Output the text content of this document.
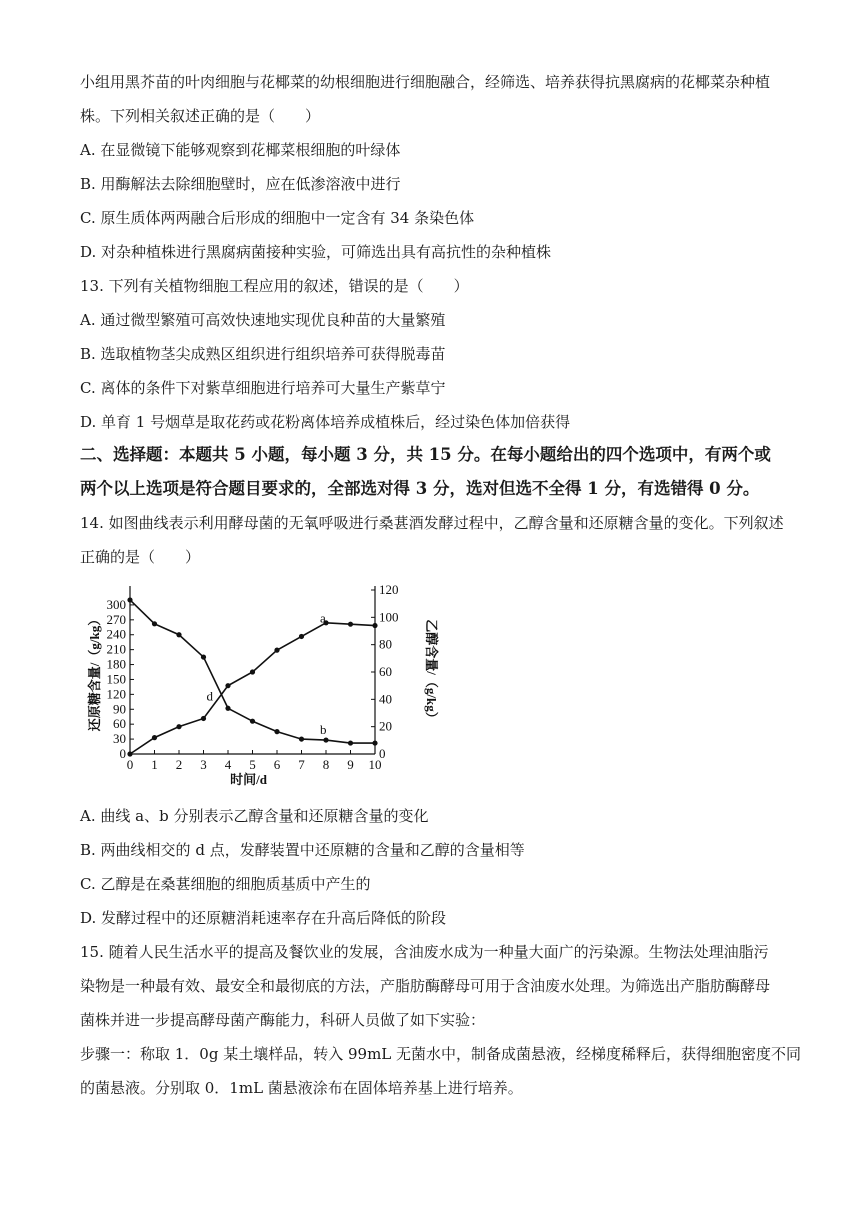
小组用黑芥苗的叶肉细胞与花椰菜的幼根细胞进行细胞融合，经筛选、培养获得抗黑腐病的花椰菜杂种植
株。下列相关叙述正确的是（　　）
A. 在显微镜下能够观察到花椰菜根细胞的叶绿体
B. 用酶解法去除细胞壁时，应在低渗溶液中进行
C. 原生质体两两融合后形成的细胞中一定含有 34 条染色体
D. 对杂种植株进行黑腐病菌接种实验，可筛选出具有高抗性的杂种植株
13. 下列有关植物细胞工程应用的叙述，错误的是（　　）
A. 通过微型繁殖可高效快速地实现优良种苗的大量繁殖
B. 选取植物茎尖成熟区组织进行组织培养可获得脱毒苗
C. 离体的条件下对紫草细胞进行培养可大量生产紫草宁
D. 单育 1 号烟草是取花药或花粉离体培养成植株后，经过染色体加倍获得
二、选择题：本题共 5 小题，每小题 3 分，共 15 分。在每小题给出的四个选项中，有两个或
两个以上选项是符合题目要求的，全部选对得 3 分，选对但选不全得 1 分，有选错得 0 分。
14. 如图曲线表示利用酵母菌的无氧呼吸进行桑葚酒发酵过程中，乙醇含量和还原糖含量的变化。下列叙述
正确的是（　　）
0 1 2 3 4 5 6 7 8 9 10
0
30
60
90
120
150
180
210
240
270
300
0
20
40
60
80
100
120
时间/d
还原糖含量/（g/kg）	乙醇含量/（g/kg）
a
b
d
A. 曲线 a、b 分别表示乙醇含量和还原糖含量的变化
B. 两曲线相交的 d 点，发酵装置中还原糖的含量和乙醇的含量相等
C. 乙醇是在桑葚细胞的细胞质基质中产生的
D. 发酵过程中的还原糖消耗速率存在升高后降低的阶段
15. 随着人民生活水平的提高及餐饮业的发展，含油废水成为一种量大面广的污染源。生物法处理油脂污
染物是一种最有效、最安全和最彻底的方法，产脂肪酶酵母可用于含油废水处理。为筛选出产脂肪酶酵母
菌株并进一步提高酵母菌产酶能力，科研人员做了如下实验：
步骤一：称取 1．0g 某土壤样品，转入 99mL 无菌水中，制备成菌悬液，经梯度稀释后，获得细胞密度不同
的菌悬液。分别取 0．1mL 菌悬液涂布在固体培养基上进行培养。
